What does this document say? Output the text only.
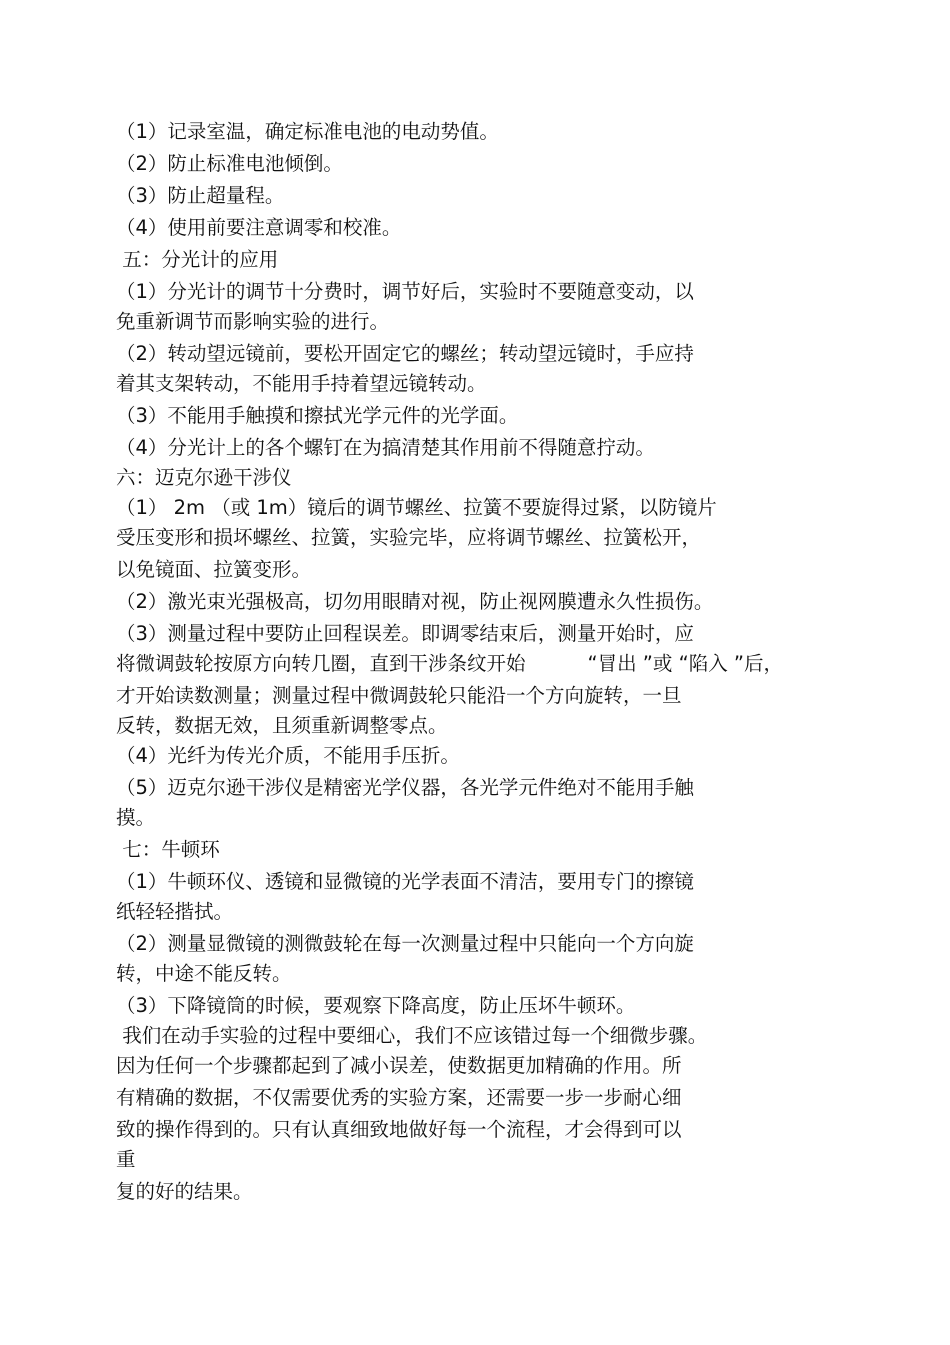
（1）记录室温，确定标准电池的电动势值。
（2）防止标准电池倾倒。
（3）防止超量程。
（4）使用前要注意调零和校准。
五：分光计的应用
（1）分光计的调节十分费时，调节好后，实验时不要随意变动，以
免重新调节而影响实验的进行。
（2）转动望远镜前，要松开固定它的螺丝；转动望远镜时，手应持
着其支架转动，不能用手持着望远镜转动。
（3）不能用手触摸和擦拭光学元件的光学面。
（4）分光计上的各个螺钉在为搞清楚其作用前不得随意拧动。
六：迈克尔逊干涉仪
（1） 2m （或 1m）镜后的调节螺丝、拉簧不要旋得过紧，以防镜片
受压变形和损坏螺丝、拉簧，实验完毕，应将调节螺丝、拉簧松开，
以免镜面、拉簧变形。
（2）激光束光强极高，切勿用眼睛对视，防止视网膜遭永久性损伤。
（3）测量过程中要防止回程误差。即调零结束后，测量开始时，应
将微调鼓轮按原方向转几圈，直到干涉条纹开始          “冒出 ”或 “陷入 ”后，
才开始读数测量；测量过程中微调鼓轮只能沿一个方向旋转，一旦
反转，数据无效，且须重新调整零点。
（4）光纤为传光介质，不能用手压折。
（5）迈克尔逊干涉仪是精密光学仪器，各光学元件绝对不能用手触
摸。
七：牛顿环
（1）牛顿环仪、透镜和显微镜的光学表面不清洁，要用专门的擦镜
纸轻轻揩拭。
（2）测量显微镜的测微鼓轮在每一次测量过程中只能向一个方向旋
转，中途不能反转。
（3）下降镜筒的时候，要观察下降高度，防止压坏牛顿环。
我们在动手实验的过程中要细心，我们不应该错过每一个细微步骤。
因为任何一个步骤都起到了减小误差，使数据更加精确的作用。所
有精确的数据，不仅需要优秀的实验方案，还需要一步一步耐心细
致的操作得到的。只有认真细致地做好每一个流程，才会得到可以
重
复的好的结果。
